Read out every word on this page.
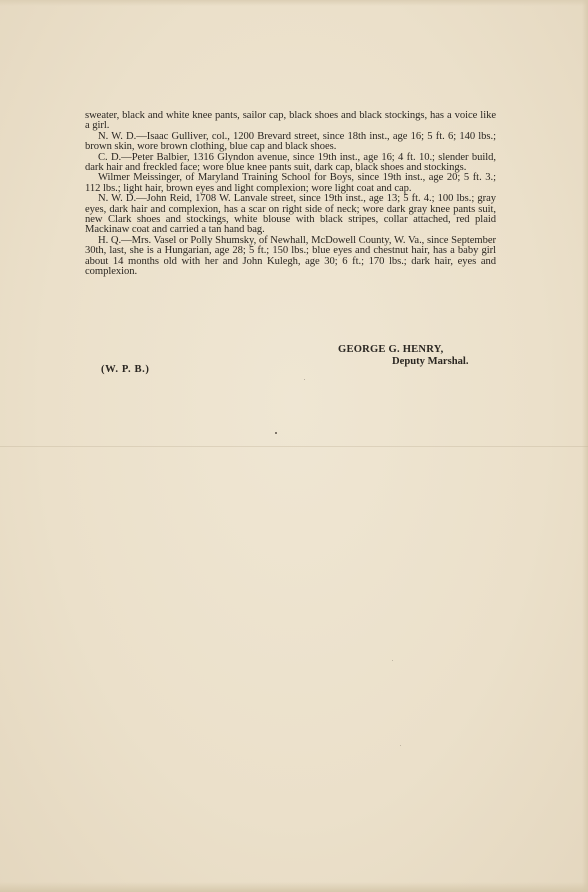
sweater, black and white knee pants, sailor cap, black shoes and black stockings, has a voice like a girl.

N. W. D.—Isaac Gulliver, col., 1200 Brevard street, since 18th inst., age 16; 5 ft. 6; 140 lbs.; brown skin, wore brown clothing, blue cap and black shoes.

C. D.—Peter Balbier, 1316 Glyndon avenue, since 19th inst., age 16; 4 ft. 10.; slender build, dark hair and freckled face; wore blue knee pants suit, dark cap, black shoes and stockings.

Wilmer Meissinger, of Maryland Training School for Boys, since 19th inst., age 20; 5 ft. 3.; 112 lbs.; light hair, brown eyes and light complexion; wore light coat and cap.

N. W. D.—John Reid, 1708 W. Lanvale street, since 19th inst., age 13; 5 ft. 4.; 100 lbs.; gray eyes, dark hair and complexion, has a scar on right side of neck; wore dark gray knee pants suit, new Clark shoes and stockings, white blouse with black stripes, collar attached, red plaid Mackinaw coat and carried a tan hand bag.

H. Q.—Mrs. Vasel or Polly Shumsky, of Newhall, McDowell County, W. Va., since September 30th, last, she is a Hungarian, age 28; 5 ft.; 150 lbs.; blue eyes and chestnut hair, has a baby girl about 14 months old with her and John Kulegh, age 30; 6 ft.; 170 lbs.; dark hair, eyes and complexion.

GEORGE G. HENRY,
Deputy Marshal.
(W. P. B.)
